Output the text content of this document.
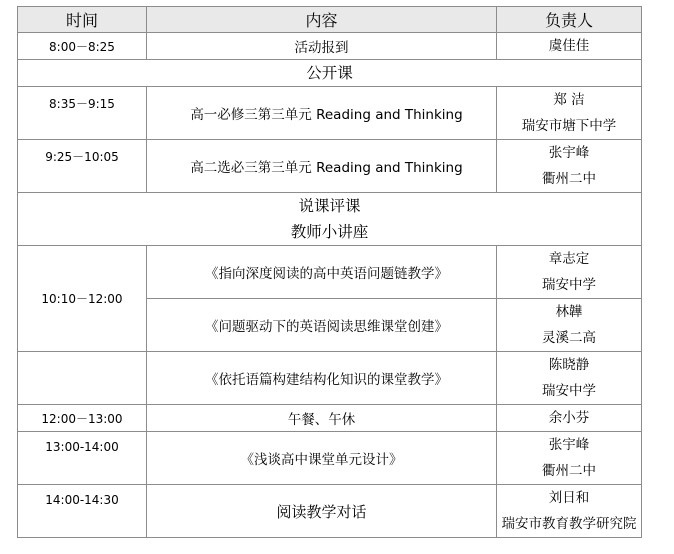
时间	内容	负责人
8:00－8:25	活动报到	虞佳佳

公开课		
8:35－9:15	高一必修三第三单元 Reading and Thinking	郑 洁
瑞安市塘下中学

9:25－10:05	高二选必三第三单元 Reading and Thinking	张宇峰
衢州二中

说课评课
教师小讲座		

10:10－12:00	《指向深度阅读的高中英语问题链教学》	章志定
瑞安中学

	《问题驱动下的英语阅读思维课堂创建》	林韡
灵溪二高

	《依托语篇构建结构化知识的课堂教学》	陈晓静
瑞安中学

12:00－13:00	午餐、午休	余小芬

13:00-14:00	《浅谈高中课堂单元设计》	张宇峰
衢州二中

14:00-14:30	阅读教学对话	刘日和
瑞安市教育教学研究院
